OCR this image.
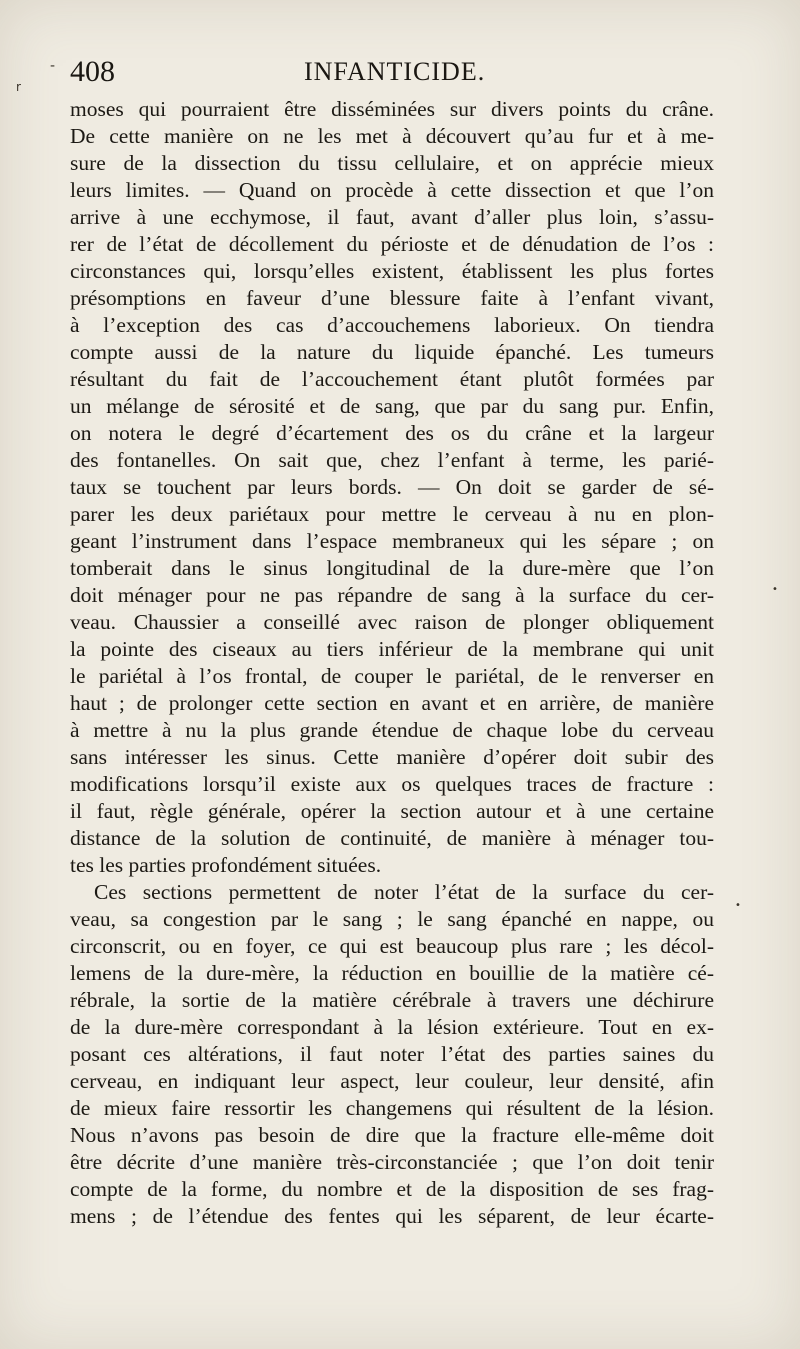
-
r
•
•
408	INFANTICIDE.
moses qui pourraient être disséminées sur divers points du crâne.
De cette manière on ne les met à découvert qu’au fur et à me-
sure de la dissection du tissu cellulaire, et on apprécie mieux
leurs limites. — Quand on procède à cette dissection et que l’on
arrive à une ecchymose, il faut, avant d’aller plus loin, s’assu-
rer de l’état de décollement du périoste et de dénudation de l’os :
circonstances qui, lorsqu’elles existent, établissent les plus fortes
présomptions en faveur d’une blessure faite à l’enfant vivant,
à l’exception des cas d’accouchemens laborieux. On tiendra
compte aussi de la nature du liquide épanché. Les tumeurs
résultant du fait de l’accouchement étant plutôt formées par
un mélange de sérosité et de sang, que par du sang pur. Enfin,
on notera le degré d’écartement des os du crâne et la largeur
des fontanelles. On sait que, chez l’enfant à terme, les parié-
taux se touchent par leurs bords. — On doit se garder de sé-
parer les deux pariétaux pour mettre le cerveau à nu en plon-
geant l’instrument dans l’espace membraneux qui les sépare ; on
tomberait dans le sinus longitudinal de la dure-mère que l’on
doit ménager pour ne pas répandre de sang à la surface du cer-
veau. Chaussier a conseillé avec raison de plonger obliquement
la pointe des ciseaux au tiers inférieur de la membrane qui unit
le pariétal à l’os frontal, de couper le pariétal, de le renverser en
haut ; de prolonger cette section en avant et en arrière, de manière
à mettre à nu la plus grande étendue de chaque lobe du cerveau
sans intéresser les sinus. Cette manière d’opérer doit subir des
modifications lorsqu’il existe aux os quelques traces de fracture :
il faut, règle générale, opérer la section autour et à une certaine
distance de la solution de continuité, de manière à ménager tou-
tes les parties profondément situées.
Ces sections permettent de noter l’état de la surface du cer-
veau, sa congestion par le sang ; le sang épanché en nappe, ou
circonscrit, ou en foyer, ce qui est beaucoup plus rare ; les décol-
lemens de la dure-mère, la réduction en bouillie de la matière cé-
rébrale, la sortie de la matière cérébrale à travers une déchirure
de la dure-mère correspondant à la lésion extérieure. Tout en ex-
posant ces altérations, il faut noter l’état des parties saines du
cerveau, en indiquant leur aspect, leur couleur, leur densité, afin
de mieux faire ressortir les changemens qui résultent de la lésion.
Nous n’avons pas besoin de dire que la fracture elle-même doit
être décrite d’une manière très-circonstanciée ; que l’on doit tenir
compte de la forme, du nombre et de la disposition de ses frag-
mens ; de l’étendue des fentes qui les séparent, de leur écarte-
